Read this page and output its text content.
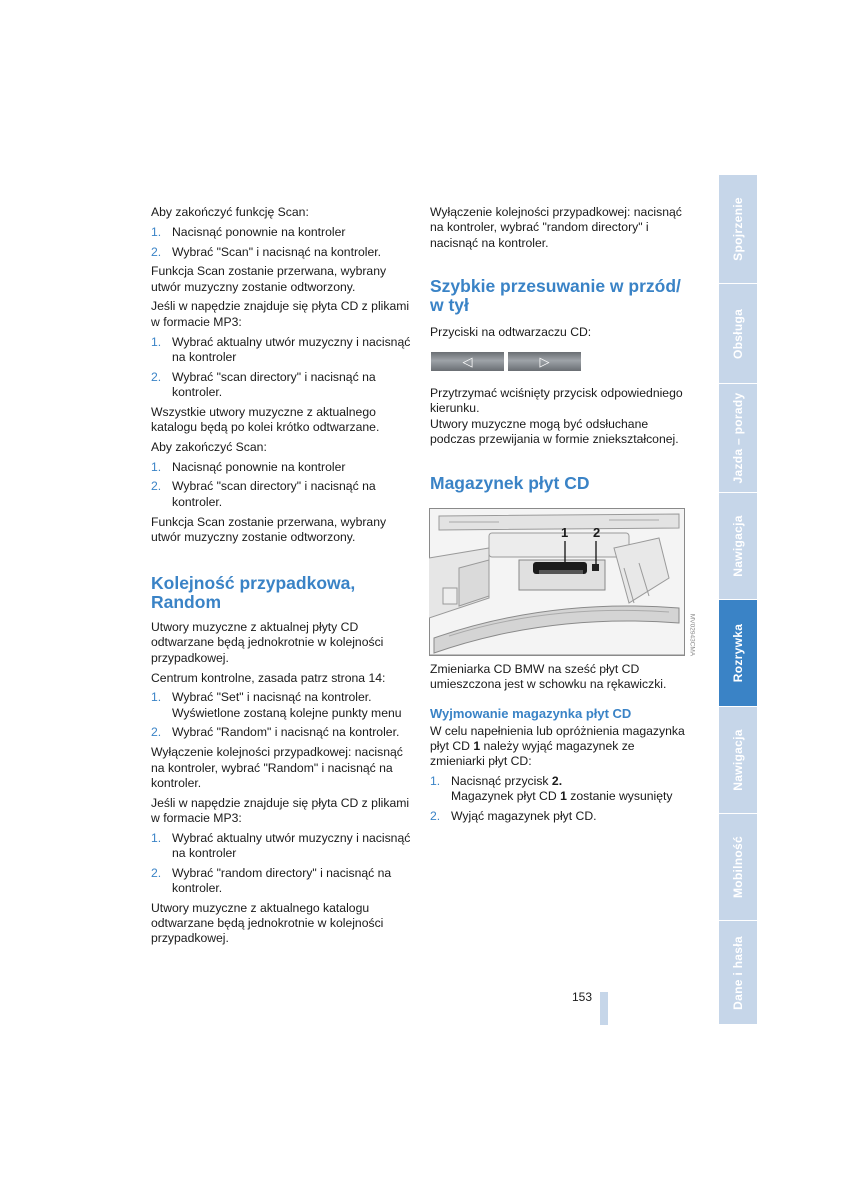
Aby zakończyć funkcję Scan:

1. Nacisnąć ponownie na kontroler
2. Wybrać "Scan" i nacisnąć na kontroler.

Funkcja Scan zostanie przerwana, wybrany utwór muzyczny zostanie odtworzony.

Jeśli w napędzie znajduje się płyta CD z plikami w formacie MP3:

1. Wybrać aktualny utwór muzyczny i nacisnąć na kontroler
2. Wybrać "scan directory" i nacisnąć na kontroler.

Wszystkie utwory muzyczne z aktualnego katalogu będą po kolei krótko odtwarzane.

Aby zakończyć Scan:

1. Nacisnąć ponownie na kontroler
2. Wybrać "scan directory" i nacisnąć na kontroler.

Funkcja Scan zostanie przerwana, wybrany utwór muzyczny zostanie odtworzony.

Kolejność przypadkowa, Random

Utwory muzyczne z aktualnej płyty CD odtwarzane będą jednokrotnie w kolejności przypadkowej.

Centrum kontrolne, zasada patrz strona 14:

1. Wybrać "Set" i nacisnąć na kontroler. Wyświetlone zostaną kolejne punkty menu
2. Wybrać "Random" i nacisnąć na kontroler.

Wyłączenie kolejności przypadkowej: nacisnąć na kontroler, wybrać "Random" i nacisnąć na kontroler.

Jeśli w napędzie znajduje się płyta CD z plikami w formacie MP3:

1. Wybrać aktualny utwór muzyczny i nacisnąć na kontroler
2. Wybrać "random directory" i nacisnąć na kontroler.

Utwory muzyczne z aktualnego katalogu odtwarzane będą jednokrotnie w kolejności przypadkowej.

Wyłączenie kolejności przypadkowej: nacisnąć na kontroler, wybrać "random directory" i nacisnąć na kontroler.

Szybkie przesuwanie w przód/ w tył

Przyciski na odtwarzaczu CD:

◁	▷

Przytrzymać wciśnięty przycisk odpowiedniego kierunku.

Utwory muzyczne mogą być odsłuchane podczas przewijania w formie zniekształconej.

Magazynek płyt CD
1 2
MV02943CMA

Zmieniarka CD BMW na sześć płyt CD umieszczona jest w schowku na rękawiczki.

Wyjmowanie magazynka płyt CD

W celu napełnienia lub opróżnienia magazynka płyt CD 1 należy wyjąć magazynek ze zmieniarki płyt CD:

1. Nacisnąć przycisk 2.
Magazynek płyt CD 1 zostanie wysunięty
2. Wyjąć magazynek płyt CD.
Spojrzenie
Obsługa
Jazda – porady
Nawigacja
Rozrywka
Nawigacja
Mobilność
Dane i hasła
153
